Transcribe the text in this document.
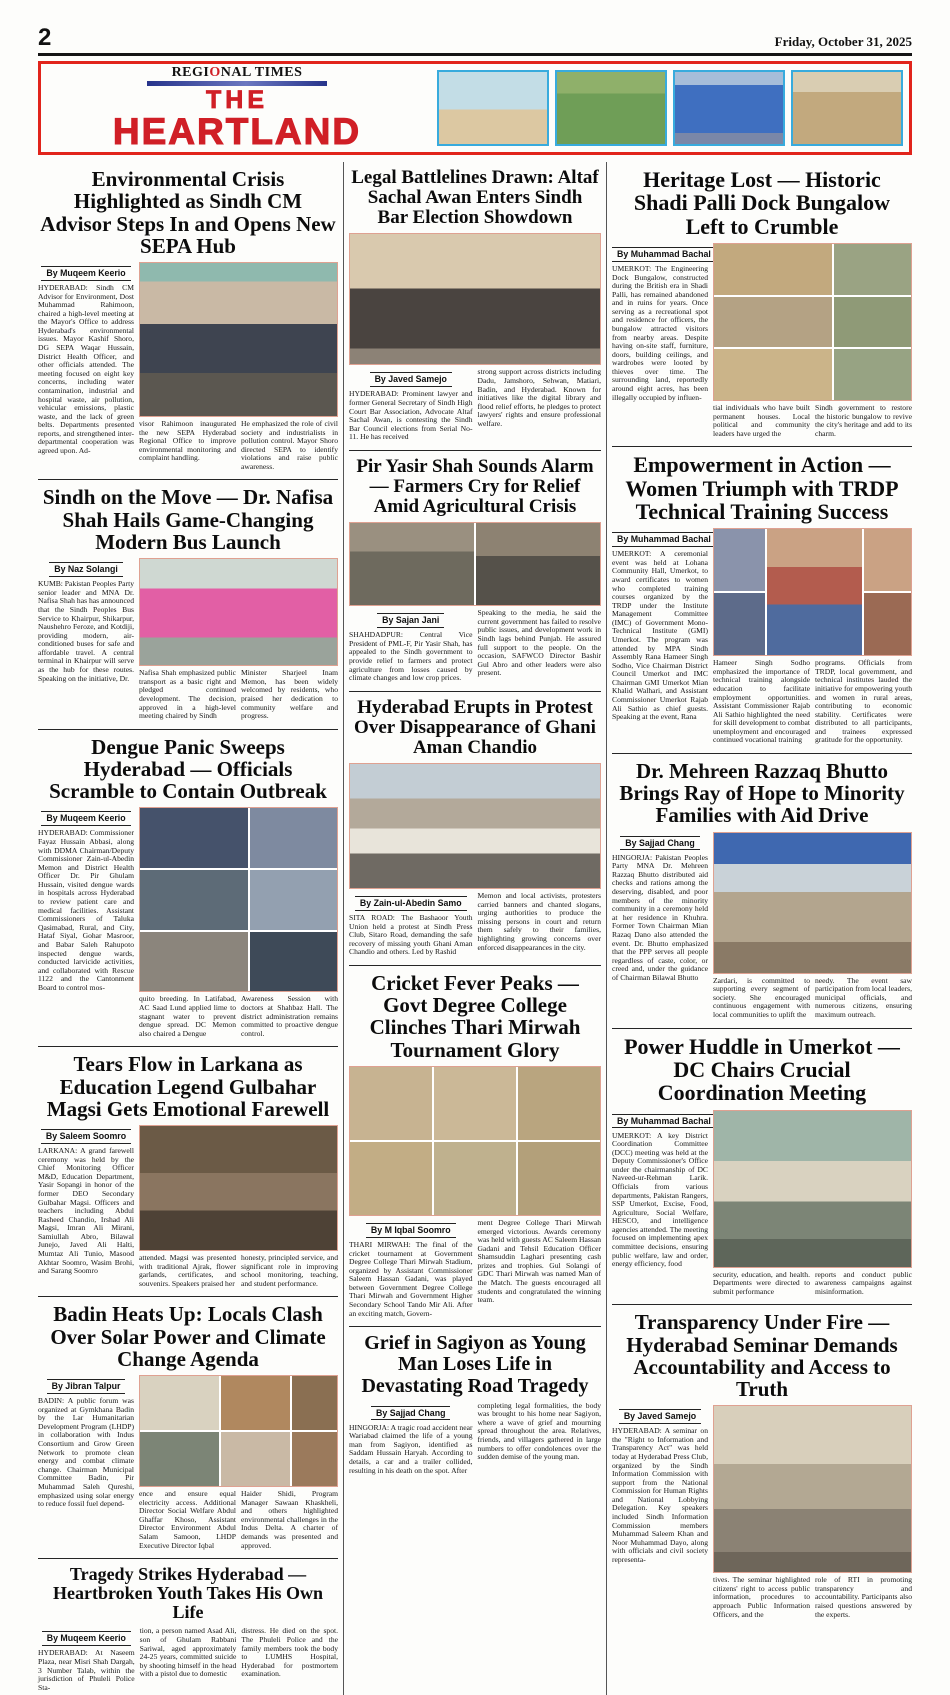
2	Friday, October 31, 2025
REGIONAL TIMES
THE
HEARTLAND
Environmental Crisis Highlighted as Sindh CM Advisor Steps In and Opens New SEPA Hub
By Muqeem Keerio

HYDERABAD: Sindh CM Advisor for Environment, Dost Muhammad Rahimoon, chaired a high-level meeting at the Mayor's Office to address Hyderabad's environmental issues. Mayor Kashif Shoro, DG SEPA Waqar Hussain, District Health Officer, and other officials attended. The meeting focused on eight key concerns, including water contamination, industrial and hospital waste, air pollution, vehicular emissions, plastic waste, and the lack of green belts. Departments presented reports, and strengthened inter-departmental cooperation was agreed upon. Ad-

visor Rahimoon inaugurated the new SEPA Hyderabad Regional Office to improve environmental monitoring and complaint handling.

He emphasized the role of civil society and industrialists in pollution control. Mayor Shoro directed SEPA to identify violations and raise public awareness.

Sindh on the Move — Dr. Nafisa Shah Hails Game-Changing Modern Bus Launch
By Naz Solangi

KUMB: Pakistan Peoples Party senior leader and MNA Dr. Nafisa Shah has has announced that the Sindh Peoples Bus Service to Khairpur, Shikarpur, Naushehro Feroze, and Kotdiji, providing modern, air-conditioned buses for safe and affordable travel. A central terminal in Khairpur will serve as the hub for these routes. Speaking on the initiative, Dr.

Nafisa Shah emphasized public transport as a basic right and pledged continued development. The decision, approved in a high-level meeting chaired by Sindh

Minister Sharjeel Inam Memon, has been widely welcomed by residents, who praised her dedication to community welfare and progress.

Dengue Panic Sweeps Hyderabad — Officials Scramble to Contain Outbreak
By Muqeem Keerio

HYDERABAD: Commissioner Fayaz Hussain Abbasi, along with DDMA Chairman/Deputy Commissioner Zain-ul-Abedin Memon and District Health Officer Dr. Pir Ghulam Hussain, visited dengue wards in hospitals across Hyderabad to review patient care and medical facilities. Assistant Commissioners of Taluka Qasimabad, Rural, and City, Hataf Siyal, Gohar Masroor, and Babar Saleh Rahupoto inspected dengue wards, conducted larvicide activities, and collaborated with Rescue 1122 and the Cantonment Board to control mos-

quito breeding. In Latifabad, AC Saad Lund applied lime to stagnant water to prevent dengue spread. DC Memon also chaired a Dengue

Awareness Session with doctors at Shahbaz Hall. The district administration remains committed to proactive dengue control.

Tears Flow in Larkana as Education Legend Gulbahar Magsi Gets Emotional Farewell
By Saleem Soomro

LARKANA: A grand farewell ceremony was held by the Chief Monitoring Officer M&D, Education Department, Yasir Sopangi in honor of the former DEO Secondary Gulbahar Magsi. Officers and teachers including Abdul Rasheed Chandio, Irshad Ali Magsi, Imran Ali Mirani, Samiullah Abro, Bilawal Junejo, Javed Ali Halti, Mumtaz Ali Tunio, Masood Akhtar Soomro, Wasim Brohi, and Sarang Soomro

attended. Magsi was presented with traditional Ajrak, flower garlands, certificates, and souvenirs. Speakers praised her

honesty, principled service, and significant role in improving school monitoring, teaching, and student performance.

Badin Heats Up: Locals Clash Over Solar Power and Climate Change Agenda
By Jibran Talpur

BADIN: A public forum was organized at Gymkhana Badin by the Lar Humanitarian Development Program (LHDP) in collaboration with Indus Consortium and Grow Green Network to promote clean energy and combat climate change. Chairman Municipal Committee Badin, Pir Muhammad Saleh Qureshi, emphasized using solar energy to reduce fossil fuel depend-

ence and ensure equal electricity access. Additional Director Social Welfare Abdul Ghaffar Khoso, Assistant Director Environment Abdul Salam Samoon, LHDP Executive Director Iqbal

Haider Shidi, Program Manager Sawaan Khaskheli, and others highlighted environmental challenges in the Indus Delta. A charter of demands was presented and approved.

Tragedy Strikes Hyderabad — Heartbroken Youth Takes His Own Life
By Muqeem Keerio

HYDERABAD: At Naseem Plaza, near Misri Shah Dargah, 3 Number Talab, within the jurisdiction of Phuleli Police Sta-

tion, a person named Asad Ali, son of Ghulam Rabbani Sariwal, aged approximately 24-25 years, committed suicide by shooting himself in the head with a pistol due to domestic

distress. He died on the spot. The Phuleli Police and the family members took the body to LUMHS Hospital, Hyderabad for postmortem examination.

Legal Battlelines Drawn: Altaf Sachal Awan Enters Sindh Bar Election Showdown
By Javed Samejo

HYDERABAD: Prominent lawyer and former General Secretary of Sindh High Court Bar Association, Advocate Altaf Sachal Awan, is contesting the Sindh Bar Council elections from Serial No-11. He has received

strong support across districts including Dadu, Jamshoro, Sehwan, Matiari, Badin, and Hyderabad. Known for initiatives like the digital library and flood relief efforts, he pledges to protect lawyers' rights and ensure professional welfare.

Pir Yasir Shah Sounds Alarm — Farmers Cry for Relief Amid Agricultural Crisis
By Sajan Jani

SHAHDADPUR: Central Vice President of PML-F, Pir Yasir Shah, has appealed to the Sindh government to provide relief to farmers and protect agriculture from losses caused by climate changes and low crop prices.

Speaking to the media, he said the current government has failed to resolve public issues, and development work in Sindh lags behind Punjab. He assured full support to the people. On the occasion, SAFWCO Director Bashir Gul Abro and other leaders were also present.

Hyderabad Erupts in Protest Over Disappearance of Ghani Aman Chandio
By Zain-ul-Abedin Samo

SITA ROAD: The Bashaoor Youth Union held a protest at Sindh Press Club, Sitaro Road, demanding the safe recovery of missing youth Ghani Aman Chandio and others. Led by Rashid

Memon and local activists, protesters carried banners and chanted slogans, urging authorities to produce the missing persons in court and return them safely to their families, highlighting growing concerns over enforced disappearances in the city.

Cricket Fever Peaks — Govt Degree College Clinches Thari Mirwah Tournament Glory
By M Iqbal Soomro

THARI MIRWAH: The final of the cricket tournament at Government Degree College Thari Mirwah Stadium, organized by Assistant Commissioner Saleem Hassan Gadani, was played between Government Degree College Thari Mirwah and Government Higher Secondary School Tando Mir Ali. After an exciting match, Govern-

ment Degree College Thari Mirwah emerged victorious. Awards ceremony was held with guests AC Saleem Hassan Gadani and Tehsil Education Officer Shamsuddin Laghari presenting cash prizes and trophies. Gul Solangi of GDC Thari Mirwah was named Man of the Match. The guests encouraged all students and congratulated the winning team.

Grief in Sagiyon as Young Man Loses Life in Devastating Road Tragedy
By Sajjad Chang

HINGORJA: A tragic road accident near Wariabad claimed the life of a young man from Sagiyon, identified as Saddam Hussain Haryah. According to details, a car and a trailer collided, resulting in his death on the spot. After

completing legal formalities, the body was brought to his home near Sagiyon, where a wave of grief and mourning spread throughout the area. Relatives, friends, and villagers gathered in large numbers to offer condolences over the sudden demise of the young man.

Heritage Lost — Historic Shadi Palli Dock Bungalow Left to Crumble
By Muhammad Bachal

UMERKOT: The Engineering Dock Bungalow, constructed during the British era in Shadi Palli, has remained abandoned and in ruins for years. Once serving as a recreational spot and residence for officers, the bungalow attracted visitors from nearby areas. Despite having on-site staff, furniture, doors, building ceilings, and wardrobes were looted by thieves over time. The surrounding land, reportedly around eight acres, has been illegally occupied by influen-

tial individuals who have built permanent houses. Local political and community leaders have urged the

Sindh government to restore the historic bungalow to revive the city's heritage and add to its charm.

Empowerment in Action — Women Triumph with TRDP Technical Training Success
By Muhammad Bachal

UMERKOT: A ceremonial event was held at Lohana Community Hall, Umerkot, to award certificates to women who completed training courses organized by the TRDP under the Institute Management Committee (IMC) of Government Mono-Technical Institute (GMI) Umerkot. The program was attended by MPA Sindh Assembly Rana Hameer Singh Sodho, Vice Chairman District Council Umerkot and IMC Chairman GMI Umerkot Mian Khalid Walhari, and Assistant Commissioner Umerkot Rajab Ali Sathio as chief guests. Speaking at the event, Rana

Hameer Singh Sodho emphasized the importance of technical training alongside education to facilitate employment opportunities. Assistant Commissioner Rajab Ali Sathio highlighted the need for skill development to combat unemployment and encouraged continued vocational training

programs. Officials from TRDP, local government, and technical institutes lauded the initiative for empowering youth and women in rural areas, contributing to economic stability. Certificates were distributed to all participants, and trainees expressed gratitude for the opportunity.

Dr. Mehreen Razzaq Bhutto Brings Ray of Hope to Minority Families with Aid Drive
By Sajjad Chang

HINGORJA: Pakistan Peoples Party MNA Dr. Mehreen Razzaq Bhutto distributed aid checks and rations among the deserving, disabled, and poor members of the minority community in a ceremony held at her residence in Khuhra. Former Town Chairman Mian Razaq Dano also attended the event. Dr. Bhutto emphasized that the PPP serves all people regardless of caste, color, or creed and, under the guidance of Chairman Bilawal Bhutto	Zardari, is committed to supporting every segment of society. She encouraged continuous engagement with local communities to uplift the

needy. The event saw participation from local leaders, municipal officials, and numerous citizens, ensuring maximum outreach.

Power Huddle in Umerkot — DC Chairs Crucial Coordination Meeting
By Muhammad Bachal

UMERKOT: A key District Coordination Committee (DCC) meeting was held at the Deputy Commissioner's Office under the chairmanship of DC Naveed-ur-Rehman Larik. Officials from various departments, Pakistan Rangers, SSP Umerkot, Excise, Food, Agriculture, Social Welfare, HESCO, and intelligence agencies attended. The meeting focused on implementing apex committee decisions, ensuring public welfare, law and order, energy efficiency, food

security, education, and health. Departments were directed to submit performance

reports and conduct public awareness campaigns against misinformation.

Transparency Under Fire — Hyderabad Seminar Demands Accountability and Access to Truth
By Javed Samejo

HYDERABAD: A seminar on the "Right to Information and Transparency Act" was held today at Hyderabad Press Club, organized by the Sindh Information Commission with support from the National Commission for Human Rights and National Lobbying Delegation. Key speakers included Sindh Information Commission members Muhammad Saleem Khan and Noor Muhammad Dayo, along with officials and civil society representa-

tives. The seminar highlighted citizens' right to access public information, procedures to approach Public Information Officers, and the

role of RTI in promoting transparency and accountability. Participants also raised questions answered by the experts.
